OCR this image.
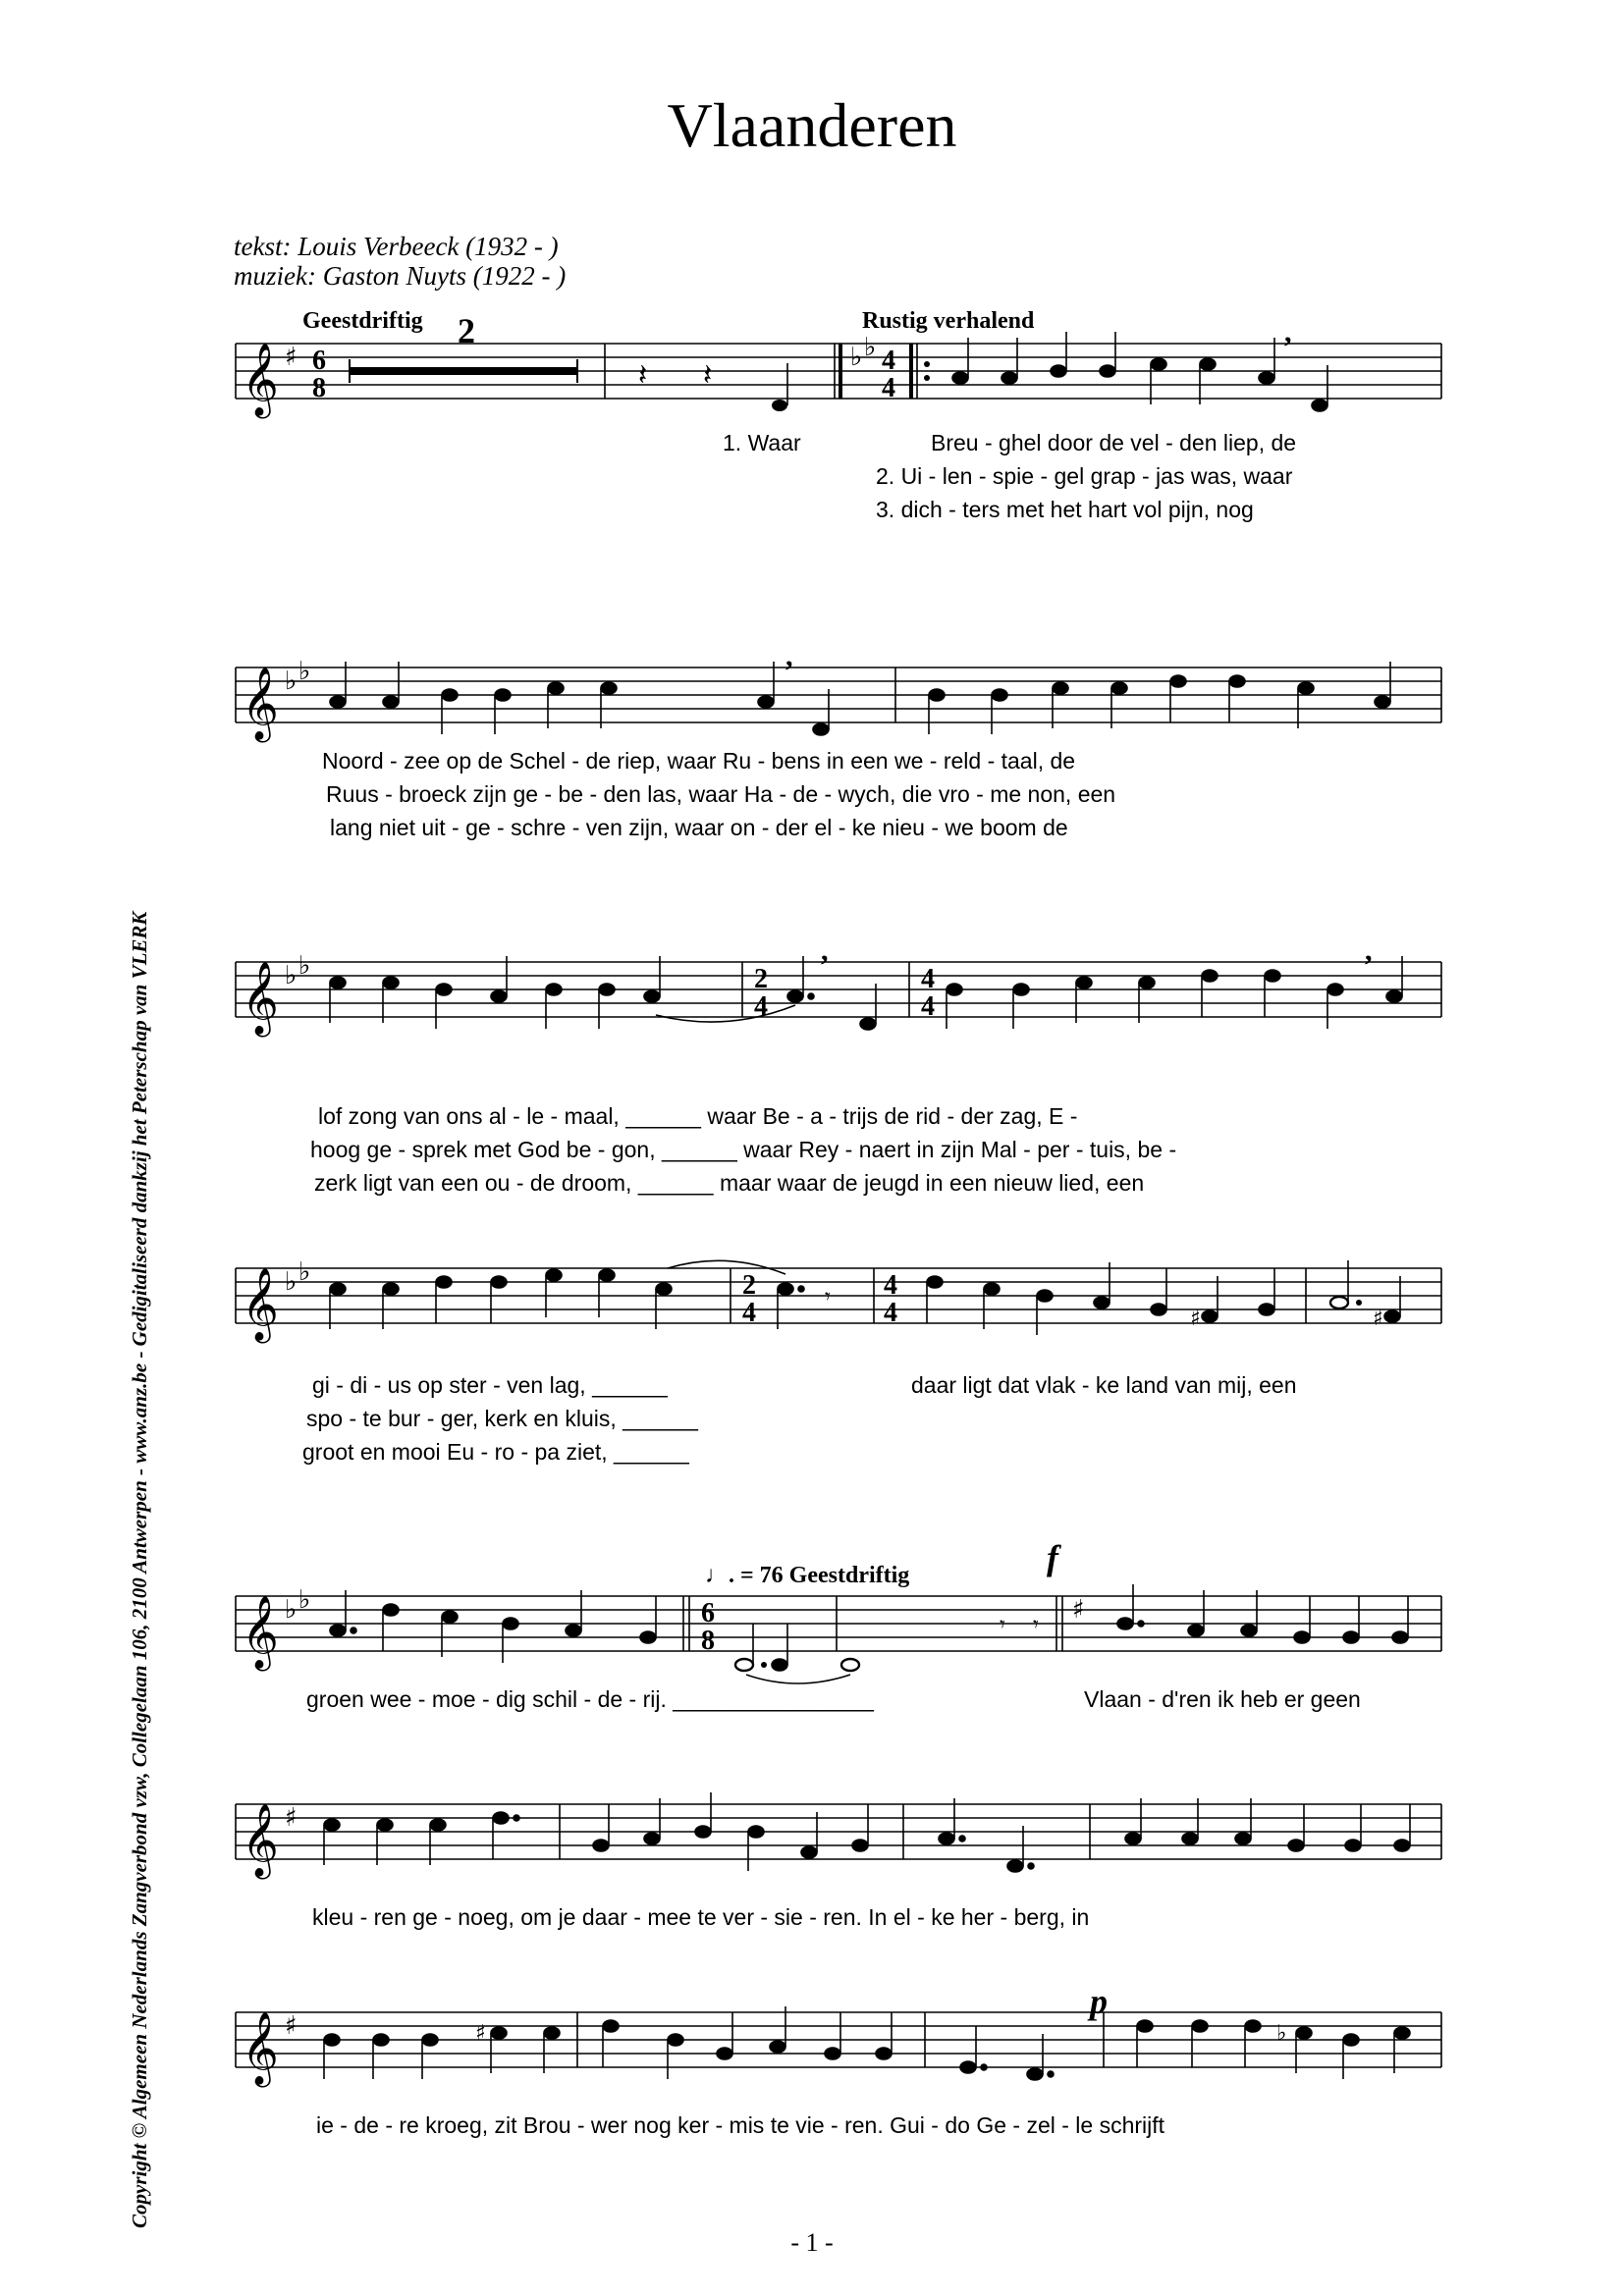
Vlaanderen
tekst: Louis Verbeeck (1932 - )
muziek: Gaston Nuyts (1922 - )
Copyright © Algemeen Nederlands Zangverbond vzw, Collegelaan 106, 2100 Antwerpen - www.anz.be - Gedigitaliseerd dankzij het Peterschap van VLERK
Geestdriftig 2	Rustig verhalend
𝄞 ♯ 6
8	𝄽 𝄽
♭ ♭ 4
4
,
1. Waar	Breu - ghel door de vel - den liep, de
2. Ui - len - spie - gel grap - jas was, waar
3. dich - ters met het hart vol pijn, nog
𝄞 ♭ ♭	,
Noord - zee op de Schel - de riep, waar Ru - bens in een we - reld - taal, de
Ruus - broeck zijn ge - be - den las, waar Ha - de - wych, die vro - me non, een
lang niet uit - ge - schre - ven zijn, waar on - der el - ke nieu - we boom de
𝄞 ♭ ♭	2
4
4
4
,	,
lof zong van ons al - le - maal, ______ waar Be - a - trijs de rid - der zag, E -
hoog ge - sprek met God be - gon, ______ waar Rey - naert in zijn Mal - per - tuis, be -
zerk ligt van een ou - de droom, ______ maar waar de jeugd in een nieuw lied, een
𝄞 ♭ ♭
♯	♯
2
4
𝄾 4
4
gi - di - us op ster - ven lag, ______
spo - te bur - ger, kerk en kluis, ______
groot en mooi Eu - ro - pa ziet, ______
daar ligt dat vlak - ke land van mij, een
♩. = 76 Geestdriftig	f
𝄞 ♭ ♭	6
8
𝄾 𝄾 ♯
groen wee - moe - dig schil - de - rij. ________________	Vlaan - d'ren ik heb er geen
𝄞 ♯
kleu - ren ge - noeg, om je daar - mee te ver - sie - ren. In el - ke her - berg, in
p
𝄞 ♯	♯	♭
ie - de - re kroeg, zit Brou - wer nog ker - mis te vie - ren. Gui - do Ge - zel - le schrijft
- 1 -
